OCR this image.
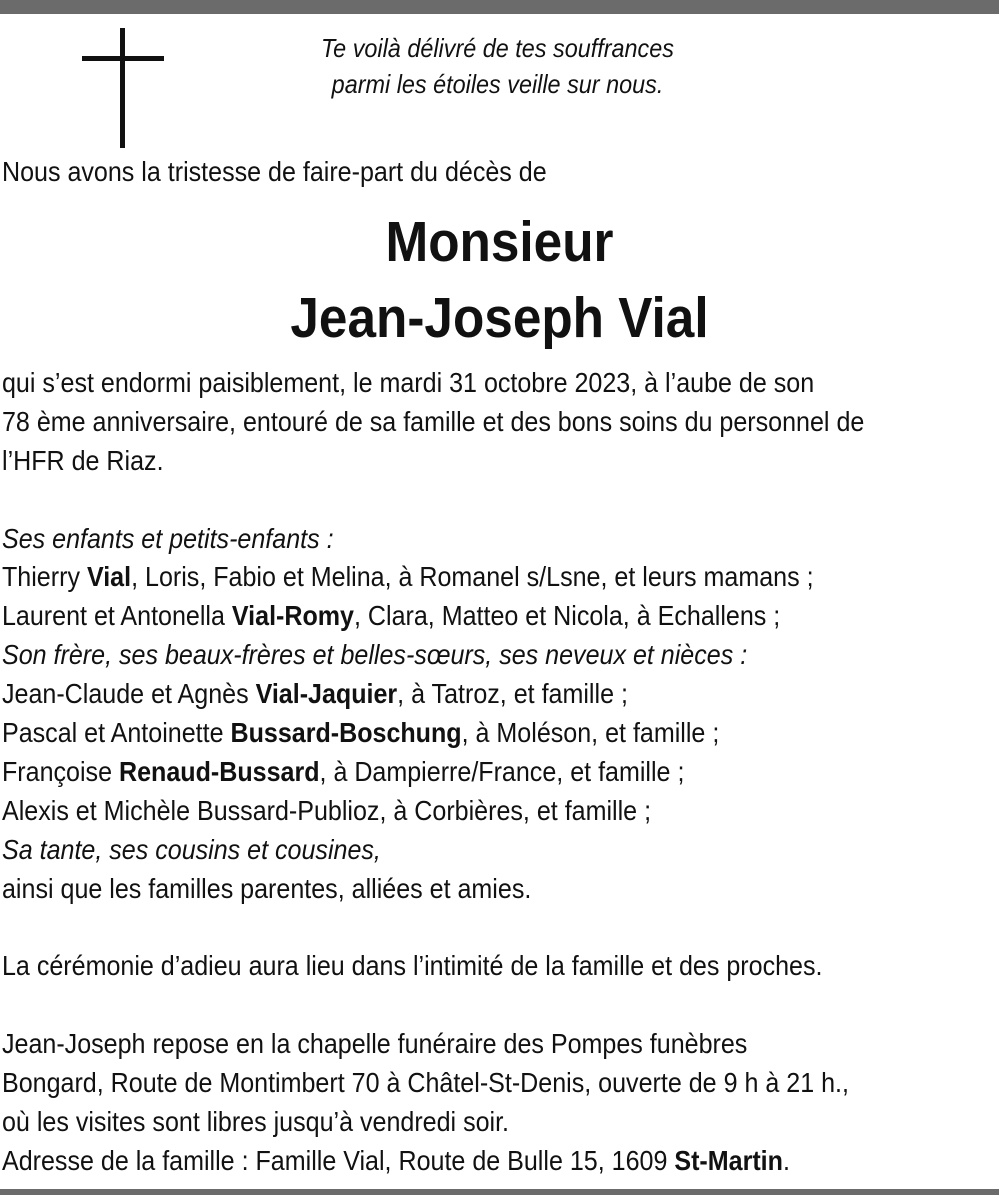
Te voilà délivré de tes souffrances
parmi les étoiles veille sur nous.
Nous avons la tristesse de faire-part du décès de
Monsieur
Jean-Joseph Vial
qui s’est endormi paisiblement, le mardi 31 octobre 2023, à l’aube de son
78 ème anniversaire, entouré de sa famille et des bons soins du personnel de
l’HFR de Riaz.
Ses enfants et petits-enfants :
Thierry Vial, Loris, Fabio et Melina, à Romanel s/Lsne, et leurs mamans ;
Laurent et Antonella Vial-Romy, Clara, Matteo et Nicola, à Echallens ;
Son frère, ses beaux-frères et belles-sœurs, ses neveux et nièces :
Jean-Claude et Agnès Vial-Jaquier, à Tatroz, et famille ;
Pascal et Antoinette Bussard-Boschung, à Moléson, et famille ;
Françoise Renaud-Bussard, à Dampierre/France, et famille ;
Alexis et Michèle Bussard-Publioz, à Corbières, et famille ;
Sa tante, ses cousins et cousines,
ainsi que les familles parentes, alliées et amies.
La cérémonie d’adieu aura lieu dans l’intimité de la famille et des proches.
Jean-Joseph repose en la chapelle funéraire des Pompes funèbres
Bongard, Route de Montimbert 70 à Châtel-St-Denis, ouverte de 9 h à 21 h.,
où les visites sont libres jusqu’à vendredi soir.
Adresse de la famille : Famille Vial, Route de Bulle 15, 1609 St-Martin.
